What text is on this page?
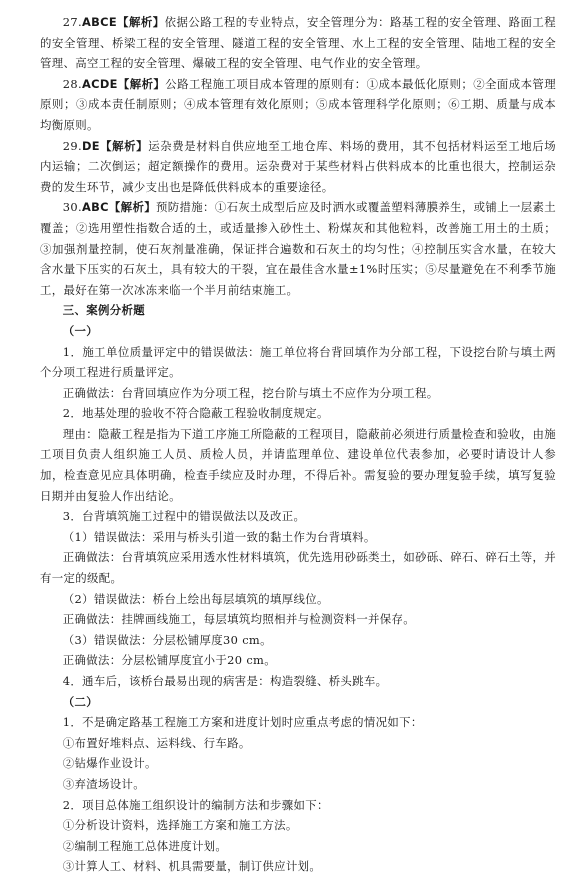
27.ABCE【解析】依据公路工程的专业特点，安全管理分为：路基工程的安全管理、路面工程的安全管理、桥梁工程的安全管理、隧道工程的安全管理、水上工程的安全管理、陆地工程的安全管理、高空工程的安全管理、爆破工程的安全管理、电气作业的安全管理。

28.ACDE【解析】公路工程施工项目成本管理的原则有：①成本最低化原则；②全面成本管理原则；③成本责任制原则；④成本管理有效化原则；⑤成本管理科学化原则；⑥工期、质量与成本均衡原则。

29.DE【解析】运杂费是材料自供应地至工地仓库、料场的费用，其不包括材料运至工地后场内运输；二次倒运；超定额操作的费用。运杂费对于某些材料占供料成本的比重也很大，控制运杂费的发生环节，减少支出也是降低供料成本的重要途径。

30.ABC【解析】预防措施：①石灰土成型后应及时洒水或覆盖塑料薄膜养生，或铺上一层素土覆盖；②选用塑性指数合适的土，或适量掺入砂性土、粉煤灰和其他粒料，改善施工用土的土质；③加强剂量控制，使石灰剂量准确，保证拌合遍数和石灰土的均匀性；④控制压实含水量，在较大含水量下压实的石灰土，具有较大的干裂，宜在最佳含水量±1%时压实；⑤尽量避免在不利季节施工，最好在第一次冰冻来临一个半月前结束施工。

三、案例分析题

（一）

1．施工单位质量评定中的错误做法：施工单位将台背回填作为分部工程，下设挖台阶与填土两个分项工程进行质量评定。

正确做法：台背回填应作为分项工程，挖台阶与填土不应作为分项工程。

2．地基处理的验收不符合隐蔽工程验收制度规定。

理由：隐蔽工程是指为下道工序施工所隐蔽的工程项目，隐蔽前必须进行质量检查和验收，由施工项目负责人组织施工人员、质检人员，并请监理单位、建设单位代表参加，必要时请设计人参加，检查意见应具体明确，检查手续应及时办理，不得后补。需复验的要办理复验手续，填写复验日期并由复验人作出结论。

3．台背填筑施工过程中的错误做法以及改正。

（1）错误做法：采用与桥头引道一致的黏土作为台背填料。

正确做法：台背填筑应采用透水性材料填筑，优先选用砂砾类土，如砂砾、碎石、碎石土等，并有一定的级配。

（2）错误做法：桥台上绘出每层填筑的填厚线位。

正确做法：挂牌画线施工，每层填筑均照相并与检测资料一并保存。

（3）错误做法：分层松铺厚度30 cm。

正确做法：分层松铺厚度宜小于20 cm。

4．通车后，该桥台最易出现的病害是：构造裂缝、桥头跳车。

（二）

1．不是确定路基工程施工方案和进度计划时应重点考虑的情况如下：

①布置好堆料点、运料线、行车路。

②钻爆作业设计。

③弃渣场设计。

2．项目总体施工组织设计的编制方法和步骤如下：

①分析设计资料，选择施工方案和施工方法。

②编制工程施工总体进度计划。

③计算人工、材料、机具需要量，制订供应计划。
